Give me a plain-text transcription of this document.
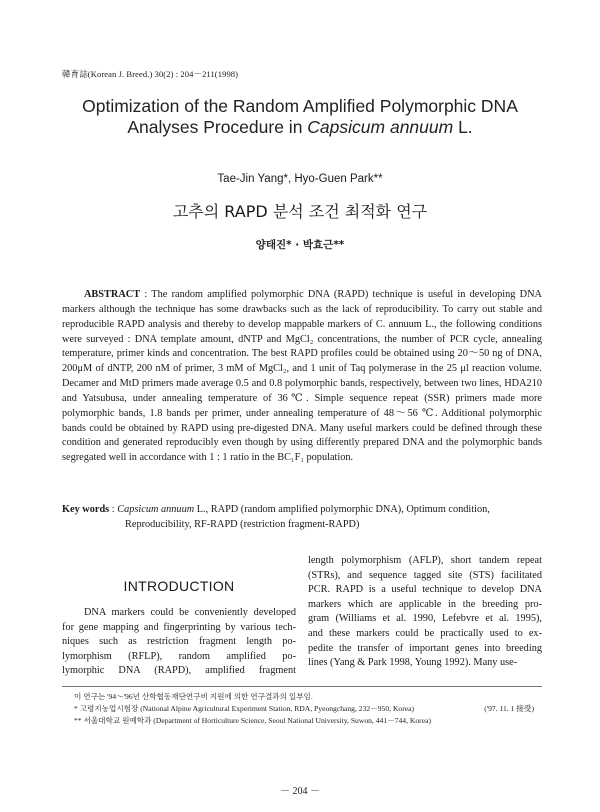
韓育誌(Korean J. Breed.) 30(2) : 204－211(1998)
Optimization of the Random Amplified Polymorphic DNA
Analyses Procedure in Capsicum annuum L.
Tae-Jin Yang*, Hyo-Guen Park**
고추의 RAPD 분석 조건 최적화 연구
양태진* · 박효근**
ABSTRACT : The random amplified polymorphic DNA (RAPD) technique is useful in developing DNA markers although the technique has some drawbacks such as the lack of reproducibility. To carry out stable and reproducible RAPD analysis and thereby to develop mappable markers of C. annuum L., the following conditions were surveyed : DNA template amount, dNTP and MgCl₂ concentrations, the number of PCR cycle, annealing temperature, primer kinds and concentration. The best RAPD profiles could be obtained using 20～50 ng of DNA, 200μM of dNTP, 200 nM of primer, 3 mM of MgCl₂, and 1 unit of Taq polymerase in the 25 μl reaction volume. Decamer and MtD primers made average 0.5 and 0.8 polymorphic bands, respectively, between two lines, HDA210 and Yatsubusa, under annealing temperature of 36℃. Simple sequence repeat (SSR) primers made more polymorphic bands, 1.8 bands per primer, under annealing temperature of 48～56 ℃. Additional polymorphic bands could be obtained by RAPD using pre-digested DNA. Many useful markers could be defined through these condition and generated reproducibly even though by using differently prepared DNA and the polymorphic bands segregated well in accordance with 1 : 1 ratio in the BC₁F₁ population.
Key words : Capsicum annuum L., RAPD (random amplified polymorphic DNA), Optimum condition,
Reproducibility, RF-RAPD (restriction fragment-RAPD)
INTRODUCTION
DNA markers could be conveniently developed
for gene mapping and fingerprinting by various tech-
niques such as restriction fragment length po-
lymorphism (RFLP), random amplified po-
lymorphic DNA (RAPD), amplified fragment
length polymorphism (AFLP), short tandem repeat
(STRs), and sequence tagged site (STS) facilitated
PCR. RAPD is a useful technique to develop DNA
markers which are applicable in the breeding pro-
gram (Williams et al. 1990, Lefebvre et al. 1995),
and these markers could be practically used to ex-
pedite the transfer of important genes into breeding
lines (Yang & Park 1998, Young 1992). Many use-
이 연구는 '94～'96년 산학협동재단연구비 지원에 의한 연구결과의 일부임.
* 고령지농업시험장 (National Alpine Agricultural Experiment Station, RDA, Pyeongchang, 232－950, Korea)	('97. 11. 1 接受)
** 서울대학교 원예학과 (Department of Horticulture Science, Seoul National University, Suwon, 441－744, Korea)
－ 204 －
